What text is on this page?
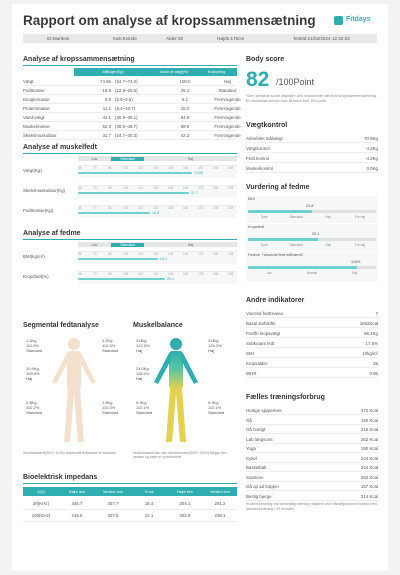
Rapport om analyse af kropssammensætning	Fitdays
ID:Marlene	Køn:Kvinde	Alder:30	Højde:176cm	Testtid:21/02/2024 12:32:23
Analyse af kropssammensætning
Målinger(Kg)	Andel af vægt(%)	Evaluering
Vægt	74.65 (54.7~74.0)	100.0	Høj
Fedtmasse	18.8 (12.9~20.6)	25.1	Standard
Knoglemasse	3.9 (2.9~3.6)	5.1	Fremragende
Proteinmasse	11.2 (8.4~10.7)	15.0	Fremragende
Vand-vægt	41.1 (30.5~39.1)	54.9	Fremragende
Muskelmasse	52.3 (39.0~49.7)	69.9	Fremragende
Skeletmuskulatur	31.7 (24.7~30.3)	42.3	Fremragende
Analyse af muskelfedt
Lav	Standard	Høj
Vægt(Kg)	55	70	85	100	115	130	145	160	175	190	205
74.65
Skeletmuskulatur(Kg)	55	70	85	100	115	130	145	160	175	190	205
31.7
Fedtmasse(Kg)	55	70	85	100	115	130	145	160	175	190	205
18.8
Analyse af fedme
Lav	Standard	Høj
BMI(kg/m²)	55	70	85	100	115	130	145	160	175	190	205
24.1
Kropsfedt(%)	55	70	85	100	115	130	145	160	175	190	205
25.1
Segmental fedtanalyse	Muskelbalance
1.3Kg
111.5%
Standard
1.2Kg
110.5%
Standard
10.4Kg
109.4%
Høj
2.8Kg
110.2%
Standard
2.8Kg
110.3%
Standard
3.0Kg
122.0%
Høj
3.0Kg
125.3%
Høj
24.0Kg
118.5%
Høj
9.3Kg
110.1%
Standard
9.3Kg
110.1%
Standard
Standardværdi(90%~110%) segmental fedtmasse er standard	Muskelmasse kan vise standardværdi(90%~110%) Begge ben, venstre og højre er symmetriske
Bioelektrisk impedans
Z(Ω)	Højre arm	Venstre arm	Trunk	Højre ben	Venstre ben
20(KHz)	345.7	357.7	18.4	294.1	291.2
100(KHz)	216.6	327.5	12.1	262.9	239.1
Body score
82 /100Point
*Den samlede score afspejler den evaluerede værdi af kropssammensætning. En muskuløs person kan få mere end 100 point.
Vægtkontrol
Anbefalet målvægt	70.9Kg
Vægtkontrol	-4.3Kg
Fedt kontrol	-4.3Kg
Muskelkontrol	0.0Kg
Vurdering af fedme
BMI
24.8
Tynd	Standard	Høj	For høj
Kropsfedt
25.1
Tynd	Standard	Høj	For høj
Fedme（visceralt fedt målværdi）
116%
Lav	Normal	Høj
Andre indikatorer
Visceral fedtniveau	7
Basal stofskifte	1562Kcal
Fedtfri kropsvægt	56.2Kg
Subkutant fedt	17.6%
SMI	10kg/m²
Kropsalder	28
WHR	0.96
Fælles træningsforbrug
Hurtige sjipperture	472 Kcal
Gå	150 Kcal
Gå hurtigt	216 Kcal
Løb langsomt	262 Kcal
Yoga	150 Kcal
Cykel	224 Kcal
Basketball	224 Kcal
Svømme	262 Kcal
Gå op ad trapper	157 Kcal
Bestig bjerge	314 Kcal
*Kaloriefordeling ved almindelig træning relateret ved målvægtskontrol fordelt med standard-træning i 30 minutter.
